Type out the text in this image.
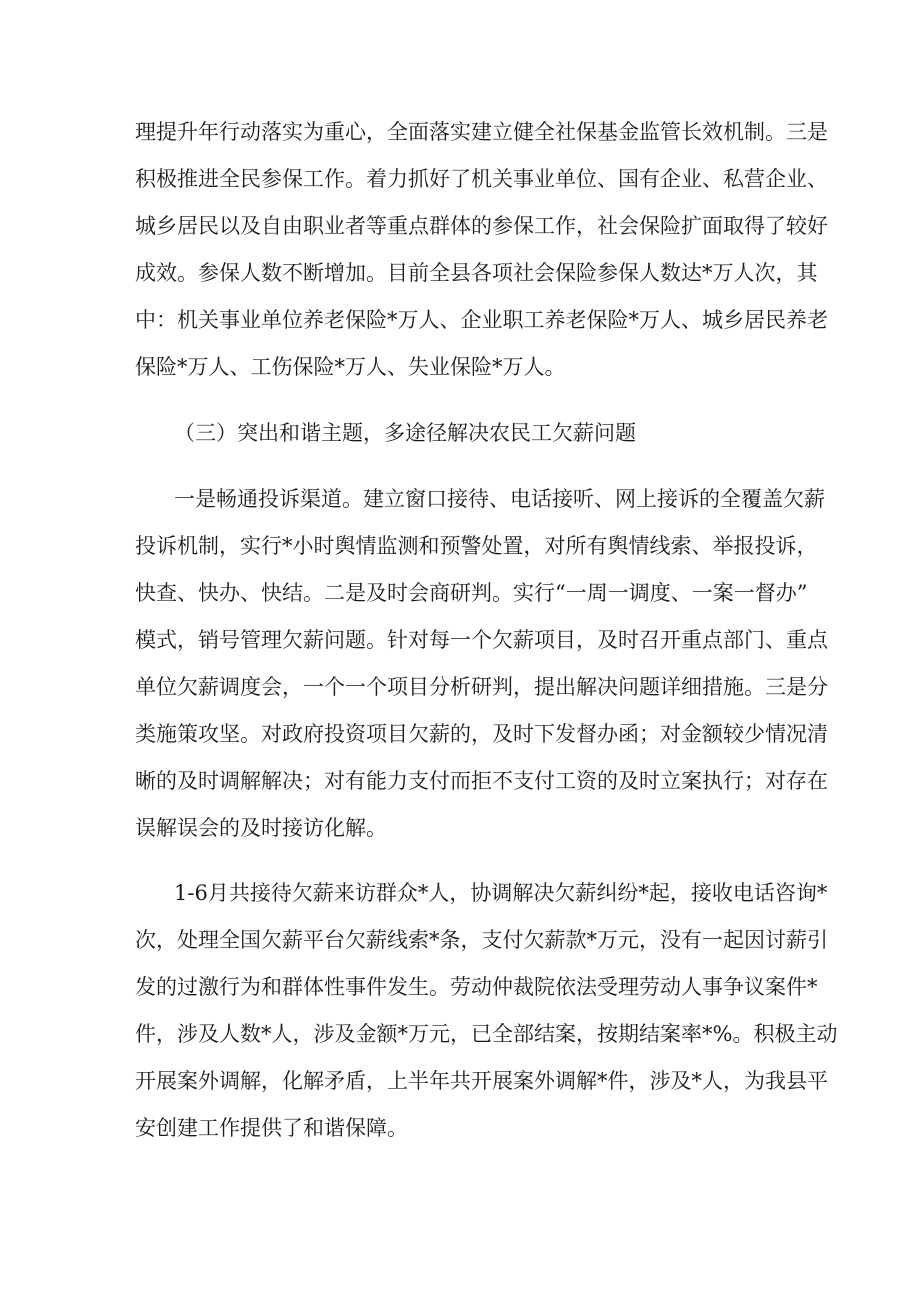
理提升年行动落实为重心，全面落实建立健全社保基金监管长效机制。三是

积极推进全民参保工作。着力抓好了机关事业单位、国有企业、私营企业、

城乡居民以及自由职业者等重点群体的参保工作，社会保险扩面取得了较好

成效。参保人数不断增加。目前全县各项社会保险参保人数达*万人次，其

中：机关事业单位养老保险*万人、企业职工养老保险*万人、城乡居民养老

保险*万人、工伤保险*万人、失业保险*万人。

（三）突出和谐主题，多途径解决农民工欠薪问题

一是畅通投诉渠道。建立窗口接待、电话接听、网上接诉的全覆盖欠薪

投诉机制，实行*小时舆情监测和预警处置，对所有舆情线索、举报投诉，

快查、快办、快结。二是及时会商研判。实行“一周一调度、一案一督办”

模式，销号管理欠薪问题。针对每一个欠薪项目，及时召开重点部门、重点

单位欠薪调度会，一个一个项目分析研判，提出解决问题详细措施。三是分

类施策攻坚。对政府投资项目欠薪的，及时下发督办函；对金额较少情况清

晰的及时调解解决；对有能力支付而拒不支付工资的及时立案执行；对存在

误解误会的及时接访化解。

1-6月共接待欠薪来访群众*人，协调解决欠薪纠纷*起，接收电话咨询*

次，处理全国欠薪平台欠薪线索*条，支付欠薪款*万元，没有一起因讨薪引

发的过激行为和群体性事件发生。劳动仲裁院依法受理劳动人事争议案件*

件，涉及人数*人，涉及金额*万元，已全部结案，按期结案率*%。积极主动

开展案外调解，化解矛盾，上半年共开展案外调解*件，涉及*人，为我县平

安创建工作提供了和谐保障。
